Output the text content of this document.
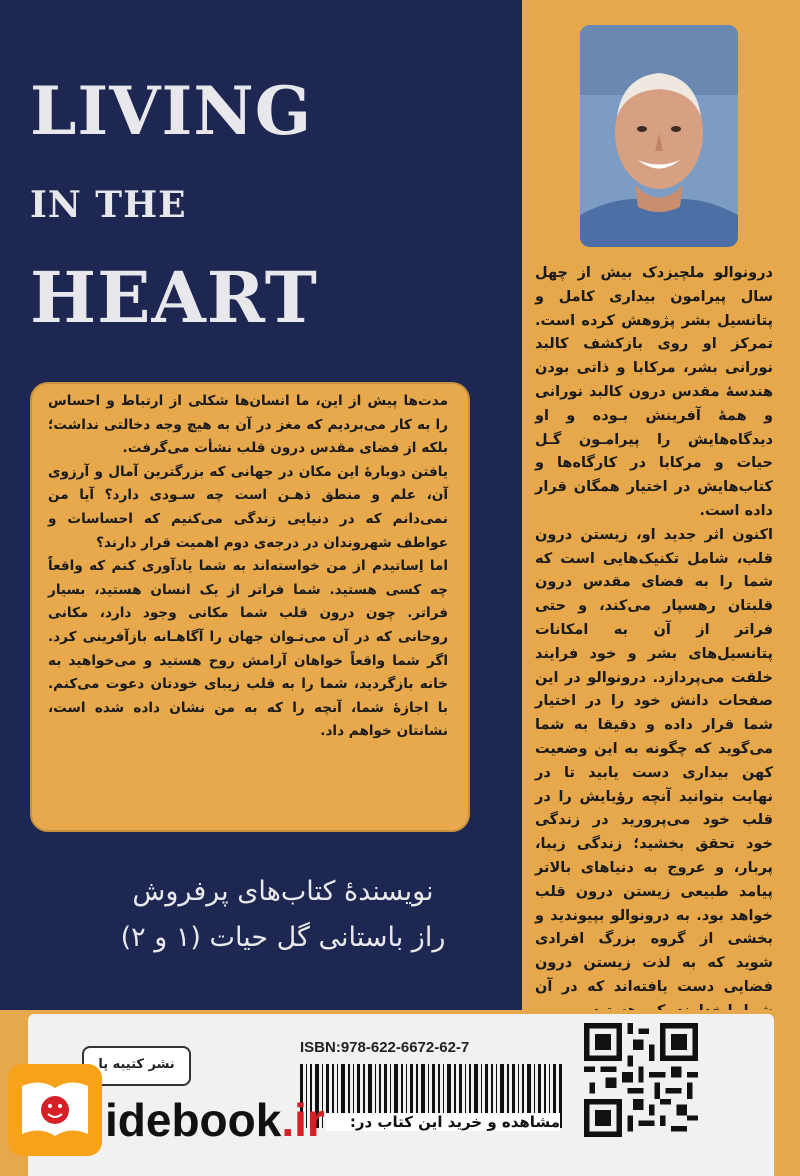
LIVING
IN THE
HEART	درونوالو ملچیزدک بیش از چهل سال پیرامون بیداری کامل و پتانسیل بشر پژوهش کرده است. تمرکز او روی بازکشف کالبد نورانی بشر، مرکابا و ذاتی بودن هندسهٔ مقدس درون کالبد نورانی و همهٔ آفرینش بـوده و او دیدگاه‌هایش را پیرامـون گـل حیات و مرکابا در کارگاه‌ها و کتاب‌هایش در اختیار همگان قرار داده است.

اکنون اثر جدید او، زیستن درون قلب، شامل تکنیک‌هایی است که شما را به فضای مقدس درون قلبتان رهسپار می‌کند، و حتی فراتر از آن به امکانات پتانسیل‌های بشر و خود فرایند خلقت می‌پردازد. درونوالو در این صفحات دانش خود را در اختیار شما قرار داده و دقیقا به شما می‌گوید که چگونه به این وضعیت کهن بیداری دست یابید تا در نهایت بتوانید آنچه رؤیایش را در قلب خود می‌پرورید در زندگی خود تحقق بخشید؛ زندگی زیبا، پربار، و عروج به دنیاهای بالاتر پیامد طبیعی زیستن درون قلب خواهد بود. به درونوالو بپیوندید و بخشی از گروه بزرگ افرادی شوید که به لذت زیستن درون فضایی دست یافته‌اند که در آن

مدت‌ها پیش از این، ما انسان‌ها شکلی از ارتباط و احساس را به کار می‌بردیم که مغز در آن به هیچ وجه دخالتی نداشت؛ بلکه از فضای مقدس درون قلب نشأت می‌گرفت.

یافتن دوبارهٔ این مکان در جهانی که بزرگترین آمال و آرزوی آن، علم و منطق ذهـن است چه سـودی دارد؟ آیا من نمی‌دانم که در دنیایی زندگی می‌کنیم که احساسات و عواطف شهروندان در درجه‌ی دوم اهمیت قرار دارند؟

اما اِساتیدم از من خواسته‌اند به شما یادآوری کنم که واقعاً چه کسی هستید. شما فراتر از یک انسان هستید، بسیار فراتر. چون درون قلب شما مکانی وجود دارد، مکانی روحانی که در آن می‌تـوان جهان را آگاهـانه بازآفرینی کرد. اگر شما واقعاً خواهان آرامش روح هستید و می‌خواهید به خانه بازگردید، شما را به قلب زیبای خودتان دعوت می‌کنم. با اجازهٔ شما، آنچه را که به من نشان داده شده است، نشانتان خواهم داد.

نویسندهٔ کتاب‌های پرفروش
راز باستانی گل حیات (۱ و ۲)
ISBN:978-622-6672-62-7
نشر کتیبه پا
idebook.ir	مشاهده و خرید این کتاب در:
